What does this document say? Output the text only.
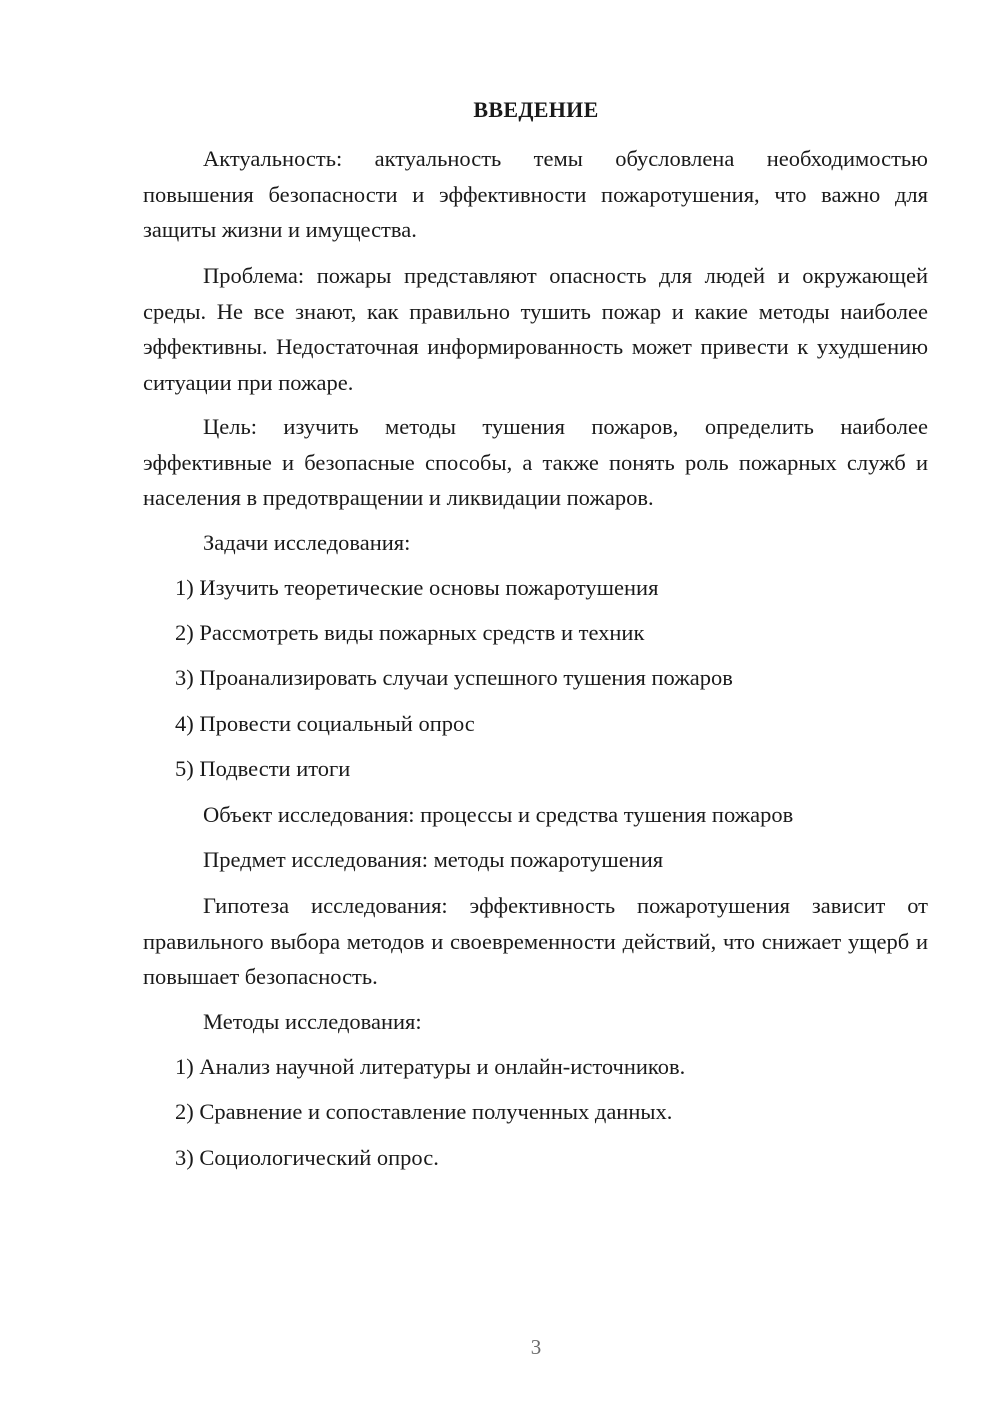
ВВЕДЕНИЕ

Актуальность: актуальность темы обусловлена необходимостью повышения безопасности и эффективности пожаротушения, что важно для защиты жизни и имущества.

Проблема: пожары представляют опасность для людей и окружающей среды. Не все знают, как правильно тушить пожар и какие методы наиболее эффективны. Недостаточная информированность может привести к ухудшению ситуации при пожаре.

Цель: изучить методы тушения пожаров, определить наиболее эффективные и безопасные способы, а также понять роль пожарных служб и населения в предотвращении и ликвидации пожаров.

Задачи исследования:
1) Изучить теоретические основы пожаротушения
2) Рассмотреть виды пожарных средств и техник
3) Проанализировать случаи успешного тушения пожаров
4) Провести социальный опрос
5) Подвести итоги
Объект исследования: процессы и средства тушения пожаров
Предмет исследования: методы пожаротушения

Гипотеза исследования: эффективность пожаротушения зависит от правильного выбора методов и своевременности действий, что снижает ущерб и повышает безопасность.

Методы исследования:
1) Анализ научной литературы и онлайн-источников.
2) Сравнение и сопоставление полученных данных.
3) Социологический опрос.
3
